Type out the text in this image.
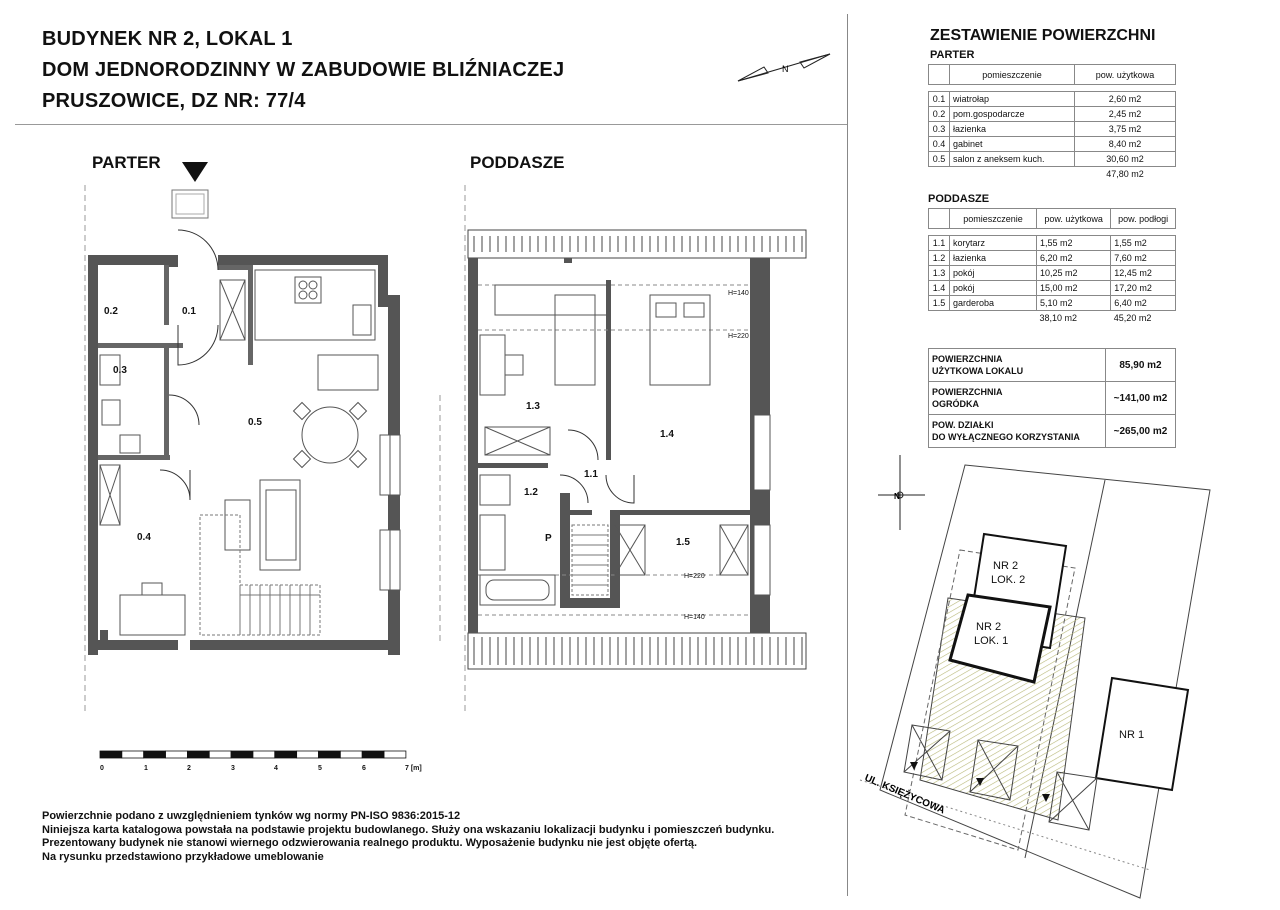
BUDYNEK NR 2, LOKAL 1
DOM JEDNORODZINNY W ZABUDOWIE BLIŹNIACZEJ
PRUSZOWICE, DZ NR: 77/4
N
PARTER	PODDASZE
0.2	0.1
0.3
0.5
0.4
1.3
1.4
1.1
1.2
P	1.5
H=140
H=220
H=220
H=140
0	1	2	3	4	5	6	7 [m]
ZESTAWIENIE POWIERZCHNI
PARTER
	pomieszczenie	pow. użytkowa

0.1	wiatrołap	2,60 m2
0.2	pom.gospodarcze	2,45 m2
0.3	łazienka	3,75 m2
0.4	gabinet	8,40 m2
0.5	salon z aneksem kuch.	30,60 m2
		47,80 m2
PODDASZE
	pomieszczenie	pow. użytkowa	pow. podłogi

1.1	korytarz	1,55 m2	1,55 m2
1.2	łazienka	6,20 m2	7,60 m2
1.3	pokój	10,25 m2	12,45 m2
1.4	pokój	15,00 m2	17,20 m2
1.5	garderoba	5,10 m2	6,40 m2
		38,10 m2	45,20 m2
POWIERZCHNIA
UŻYTKOWA LOKALU	85,90 m2
POWIERZCHNIA
OGRÓDKA	~141,00 m2
POW. DZIAŁKI
DO WYŁĄCZNEGO KORZYSTANIA	~265,00 m2
N
NR 2
LOK. 2
NR 2
LOK. 1
NR 1
UL. KSIĘŻYCOWA
Powierzchnie podano z uwzględnieniem tynków wg normy PN-ISO 9836:2015-12
Niniejsza karta katalogowa powstała na podstawie projektu budowlanego. Służy ona wskazaniu lokalizacji budynku i pomieszczeń budynku.
Prezentowany budynek nie stanowi wiernego odzwierowania realnego produktu. Wyposażenie budynku nie jest objęte ofertą.
Na rysunku przedstawiono przykładowe umeblowanie
